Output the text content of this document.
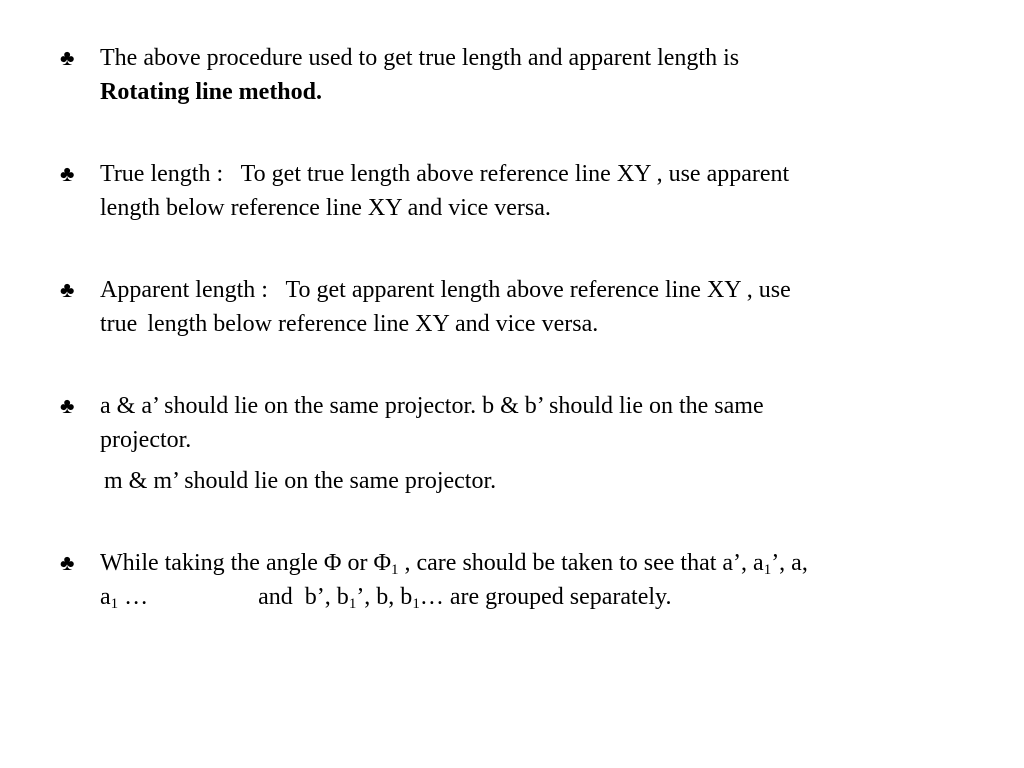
♣	The above procedure used to get true length and apparent length is
Rotating line method.
♣	True length :   To get true length above reference line XY , use apparent
length below reference line XY and vice versa.
♣	Apparent length :   To get apparent length above reference line XY , use
true length below reference line XY and vice versa.
♣	a & a’ should lie on the same projector. b & b’ should lie on the same
projector.
m & m’ should lie on the same projector.
♣	While taking the angle Φ or $\Phi_1$ , care should be taken to see that a’, $a_1$’, a,
$a_1$ …	and  b’, $b_1$’, b, $b_1\dots$ are grouped separately.
